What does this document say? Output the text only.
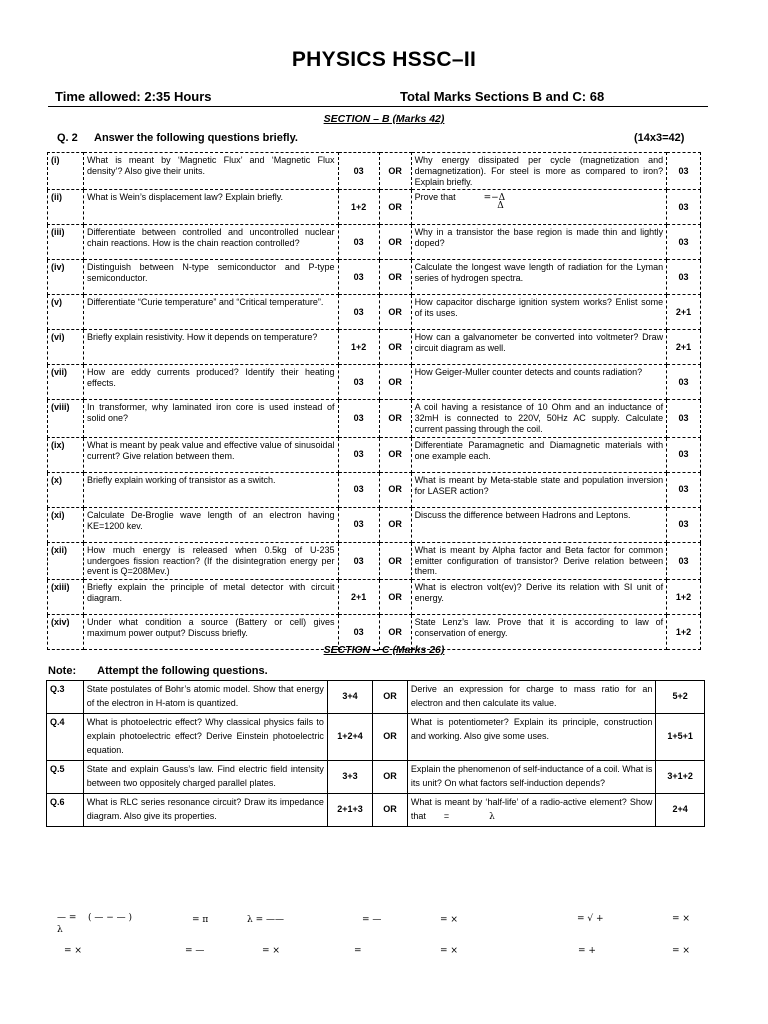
PHYSICS HSSC–II
Time allowed: 2:35 Hours	Total Marks Sections B and C: 68
SECTION – B (Marks 42)
Q. 2 Answer the following questions briefly.	(14x3=42)
(i)	What is meant by ‘Magnetic Flux’ and ‘Magnetic Flux density’? Also give their units.	03	OR	Why energy dissipated per cycle (magnetization and demagnetization). For steel is more as compared to iron? Explain briefly.	03
(ii)	What is Wein’s displacement law? Explain briefly.	1+2	OR	Prove that =−ΔΔ	03
(iii)	Differentiate between controlled and uncontrolled nuclear chain reactions. How is the chain reaction controlled?	03	OR	Why in a transistor the base region is made thin and lightly doped?	03
(iv)	Distinguish between N-type semiconductor and P-type semiconductor.	03	OR	Calculate the longest wave length of radiation for the Lyman series of hydrogen spectra.	03
(v)	Differentiate “Curie temperature” and “Critical temperature”.	03	OR	How capacitor discharge ignition system works? Enlist some of its uses.	2+1
(vi)	Briefly explain resistivity. How it depends on temperature?	1+2	OR	How can a galvanometer be converted into voltmeter? Draw circuit diagram as well.	2+1
(vii)	How are eddy currents produced? Identify their heating effects.	03	OR	How Geiger-Muller counter detects and counts radiation?	03
(viii)	In transformer, why laminated iron core is used instead of solid one?	03	OR	A coil having a resistance of 10 Ohm and an inductance of 32mH is connected to 220V, 50Hz AC supply. Calculate current passing through the coil.	03
(ix)	What is meant by peak value and effective value of sinusoidal current? Give relation between them.	03	OR	Differentiate Paramagnetic and Diamagnetic materials with one example each.	03
(x)	Briefly explain working of transistor as a switch.	03	OR	What is meant by Meta-stable state and population inversion for LASER action?	03
(xi)	Calculate De-Broglie wave length of an electron having KE=1200 kev.	03	OR	Discuss the difference between Hadrons and Leptons.	03
(xii)	How much energy is released when 0.5kg of U-235 undergoes fission reaction? (If the disintegration energy per event is Q=208Mev.)	03	OR	What is meant by Alpha factor and Beta factor for common emitter configuration of transistor? Derive relation between them.	03
(xiii)	Briefly explain the principle of metal detector with circuit diagram.	2+1	OR	What is electron volt(ev)? Derive its relation with SI unit of energy.	1+2
(xiv)	Under what condition a source (Battery or cell) gives maximum power output? Discuss briefly.	03	OR	State Lenz’s law. Prove that it is according to law of conservation of energy.	1+2
SECTION – C (Marks 26)
Note: Attempt the following questions.
Q.3	State postulates of Bohr’s atomic model. Show that energy of the electron in H-atom is quantized.	3+4	OR	Derive an expression for charge to mass ratio for an electron and then calculate its value.	5+2
Q.4	What is photoelectric effect? Why classical physics fails to explain photoelectric effect? Derive Einstein photoelectric equation.	1+2+4	OR	What is potentiometer? Explain its principle, construction and working. Also give some uses.	1+5+1
Q.5	State and explain Gauss’s law. Find electric field intensity between two oppositely charged parallel plates.	3+3	OR	Explain the phenomenon of self-inductance of a coil. What is its unit? On what factors self-induction depends?	3+1+2
Q.6	What is RLC series resonance circuit? Draw its impedance diagram. Also give its properties.	2+1+3	OR	What is meant by ‘half-life’ of a radio-active element? Show that = λ	2+4
— =
λ
( — − — )	= π	λ = ——	= —	= ×	= √ +	= ×
= ×	= —	= ×	=	= ×	= +	= ×
